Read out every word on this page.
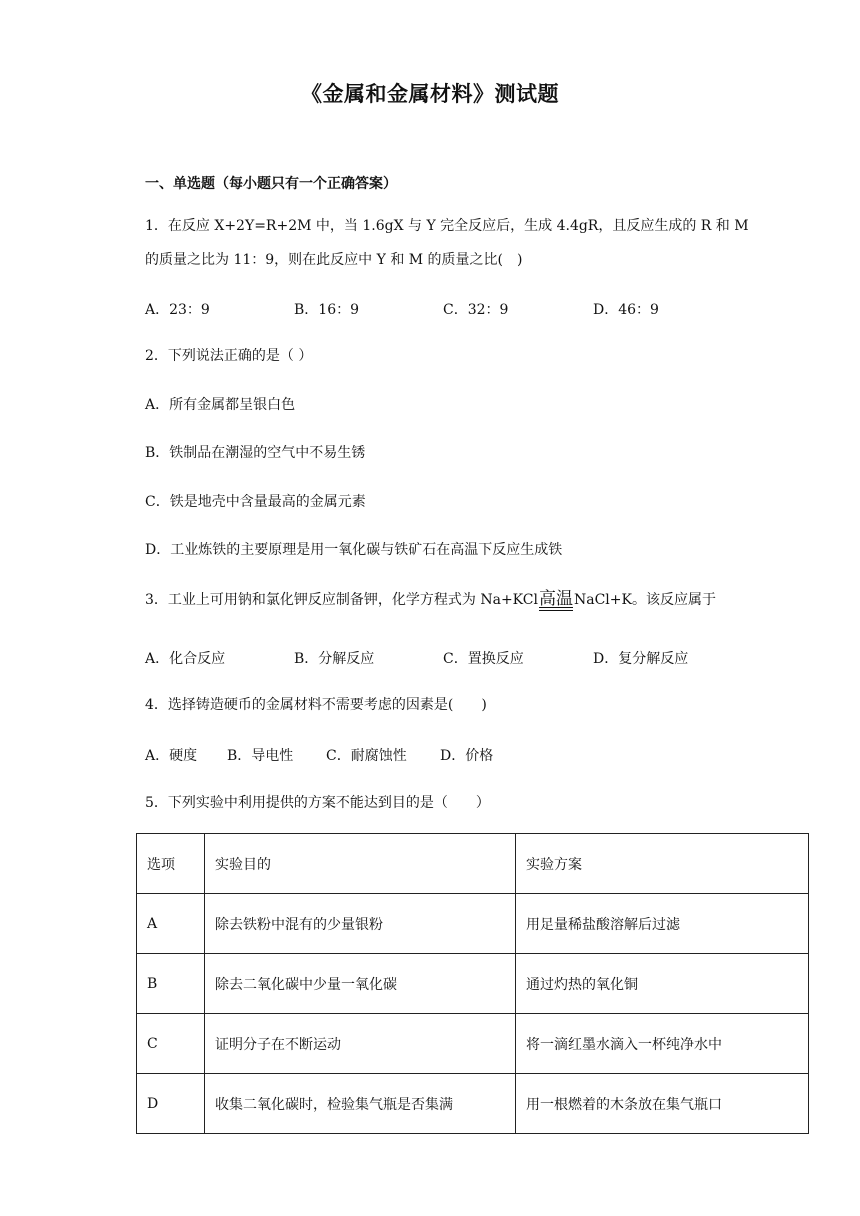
《金属和金属材料》测试题
一、单选题（每小题只有一个正确答案）
1．在反应 X+2Y=R+2M 中，当 1.6gX 与 Y 完全反应后，生成 4.4gR，且反应生成的 R 和 M
的质量之比为 11：9，则在此反应中 Y 和 M 的质量之比(　)
A．23：9	B．16：9	C．32：9	D．46：9
2．下列说法正确的是（ ）
A．所有金属都呈银白色
B．铁制品在潮湿的空气中不易生锈
C．铁是地壳中含量最高的金属元素
D．工业炼铁的主要原理是用一氧化碳与铁矿石在高温下反应生成铁
3．工业上可用钠和氯化钾反应制备钾，化学方程式为 Na+KCl高温NaCl+K。该反应属于
A．化合反应	B．分解反应	C．置换反应	D．复分解反应
4．选择铸造硬币的金属材料不需要考虑的因素是(　　)
A．硬度 B．导电性 C．耐腐蚀性 D．价格
5．下列实验中利用提供的方案不能达到目的是（　　）
选项	实验目的	实验方案
A	除去铁粉中混有的少量银粉	用足量稀盐酸溶解后过滤
B	除去二氧化碳中少量一氧化碳	通过灼热的氧化铜
C	证明分子在不断运动	将一滴红墨水滴入一杯纯净水中
D	收集二氧化碳时，检验集气瓶是否集满	用一根燃着的木条放在集气瓶口
